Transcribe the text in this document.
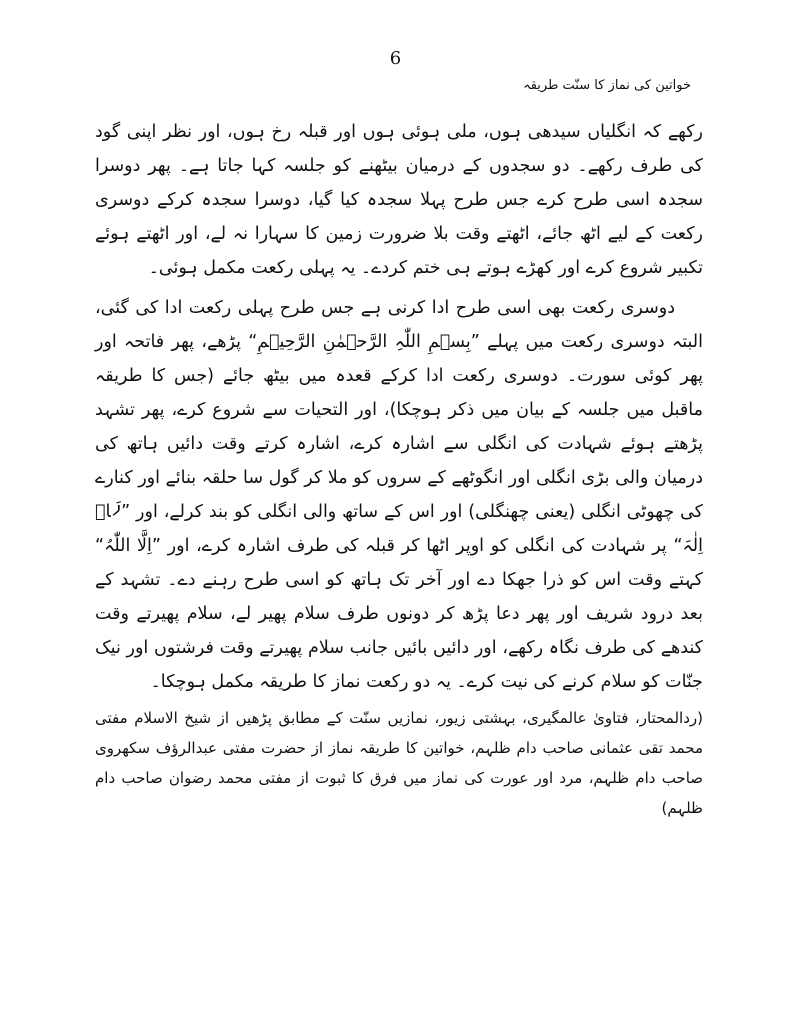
6
خواتین کی نماز کا سنّت طریقہ

رکھے کہ انگلیاں سیدھی ہوں، ملی ہوئی ہوں اور قبلہ رخ ہوں، اور نظر اپنی گود کی طرف رکھے۔ دو سجدوں کے درمیان بیٹھنے کو جلسہ کہا جاتا ہے۔ پھر دوسرا سجدہ اسی طرح کرے جس طرح پہلا سجدہ کیا گیا، دوسرا سجدہ کرکے دوسری رکعت کے لیے اٹھ جائے، اٹھتے وقت بلا ضرورت زمین کا سہارا نہ لے، اور اٹھتے ہوئے تکبیر شروع کرے اور کھڑے ہوتے ہی ختم کردے۔ یہ پہلی رکعت مکمل ہوئی۔

دوسری رکعت بھی اسی طرح ادا کرنی ہے جس طرح پہلی رکعت ادا کی گئی، البتہ دوسری رکعت میں پہلے ”بِسۡمِ اللّٰہِ الرَّحۡمٰنِ الرَّحِیۡمِ“ پڑھے، پھر فاتحہ اور پھر کوئی سورت۔ دوسری رکعت ادا کرکے قعدہ میں بیٹھ جائے (جس کا طریقہ ماقبل میں جلسہ کے بیان میں ذکر ہوچکا)، اور التحیات سے شروع کرے، پھر تشہد پڑھتے ہوئے شہادت کی انگلی سے اشارہ کرے، اشارہ کرتے وقت دائیں ہاتھ کی درمیان والی بڑی انگلی اور انگوٹھے کے سروں کو ملا کر گول سا حلقہ بنائے اور کنارے کی چھوٹی انگلی (یعنی چھنگلی) اور اس کے ساتھ والی انگلی کو بند کرلے، اور ”لَاۤ اِلٰہَ“ پر شہادت کی انگلی کو اوپر اٹھا کر قبلہ کی طرف اشارہ کرے، اور ”اِلَّا اللّٰہُ“ کہتے وقت اس کو ذرا جھکا دے اور آخر تک ہاتھ کو اسی طرح رہنے دے۔ تشہد کے بعد درود شریف اور پھر دعا پڑھ کر دونوں طرف سلام پھیر لے، سلام پھیرتے وقت کندھے کی طرف نگاہ رکھے، اور دائیں بائیں جانب سلام پھیرتے وقت فرشتوں اور نیک جنّات کو سلام کرنے کی نیت کرے۔ یہ دو رکعت نماز کا طریقہ مکمل ہوچکا۔

(ردالمحتار، فتاویٰ عالمگیری، بہشتی زیور، نمازیں سنّت کے مطابق پڑھیں از شیخ الاسلام مفتی محمد تقی عثمانی صاحب دام ظلہم، خواتین کا طریقہ نماز از حضرت مفتی عبدالرؤف سکھروی صاحب دام ظلہم، مرد اور عورت کی نماز میں فرق کا ثبوت از مفتی محمد رضوان صاحب دام ظلہم)
